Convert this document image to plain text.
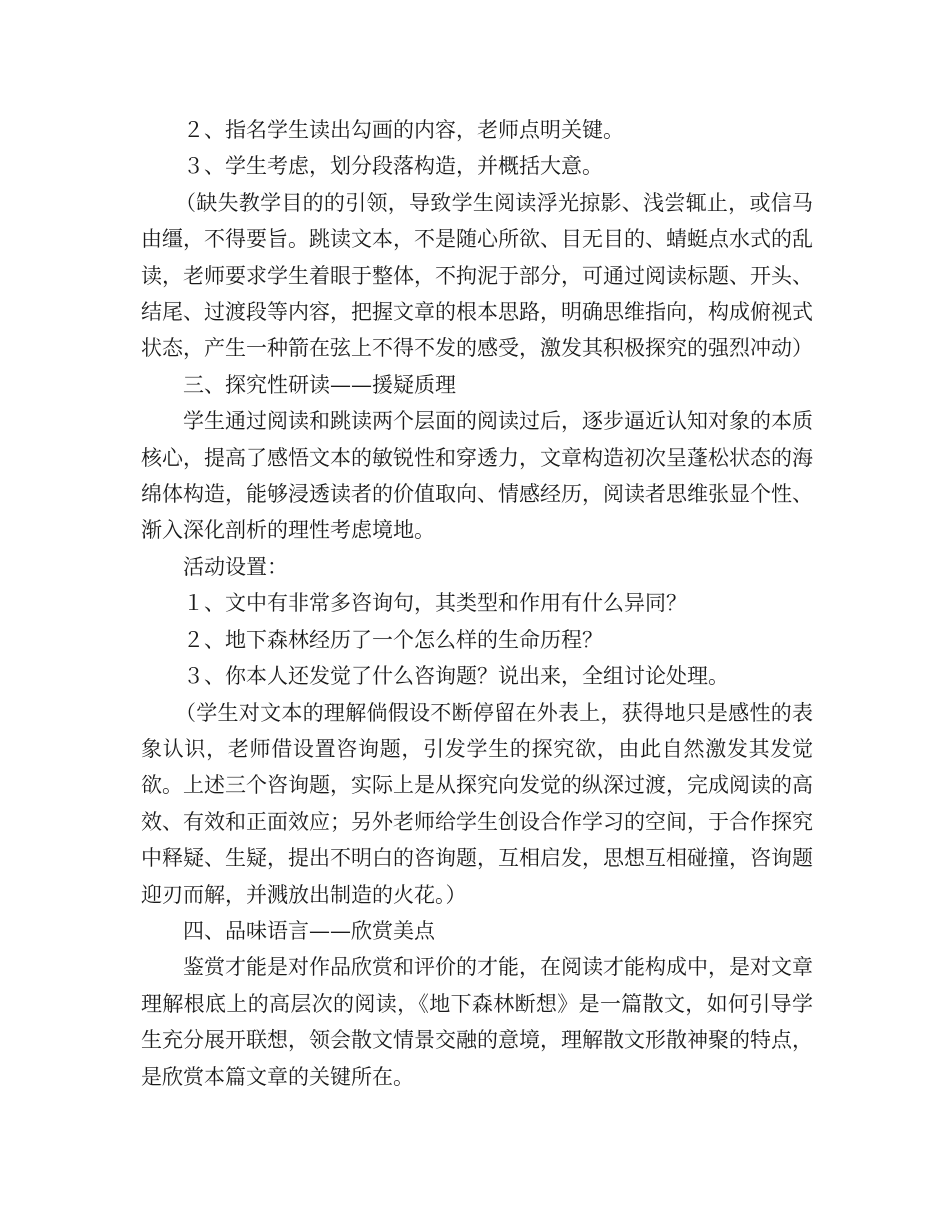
２、指名学生读出勾画的内容，老师点明关键。

３、学生考虑，划分段落构造，并概括大意。

（缺失教学目的的引领，导致学生阅读浮光掠影、浅尝辄止，或信马由缰，不得要旨。跳读文本，不是随心所欲、目无目的、蜻蜓点水式的乱读，老师要求学生着眼于整体，不拘泥于部分，可通过阅读标题、开头、结尾、过渡段等内容，把握文章的根本思路，明确思维指向，构成俯视式状态，产生一种箭在弦上不得不发的感受，激发其积极探究的强烈冲动）

三、探究性研读——援疑质理

学生通过阅读和跳读两个层面的阅读过后，逐步逼近认知对象的本质核心，提高了感悟文本的敏锐性和穿透力，文章构造初次呈蓬松状态的海绵体构造，能够浸透读者的价值取向、情感经历，阅读者思维张显个性、渐入深化剖析的理性考虑境地。

活动设置：

１、文中有非常多咨询句，其类型和作用有什么异同？

２、地下森林经历了一个怎么样的生命历程？

３、你本人还发觉了什么咨询题？说出来，全组讨论处理。

（学生对文本的理解倘假设不断停留在外表上，获得地只是感性的表象认识，老师借设置咨询题，引发学生的探究欲，由此自然激发其发觉欲。上述三个咨询题，实际上是从探究向发觉的纵深过渡，完成阅读的高效、有效和正面效应；另外老师给学生创设合作学习的空间，于合作探究中释疑、生疑，提出不明白的咨询题，互相启发，思想互相碰撞，咨询题迎刃而解，并溅放出制造的火花。）

四、品味语言——欣赏美点

鉴赏才能是对作品欣赏和评价的才能，在阅读才能构成中，是对文章理解根底上的高层次的阅读，《地下森林断想》是一篇散文，如何引导学生充分展开联想，领会散文情景交融的意境，理解散文形散神聚的特点，是欣赏本篇文章的关键所在。
